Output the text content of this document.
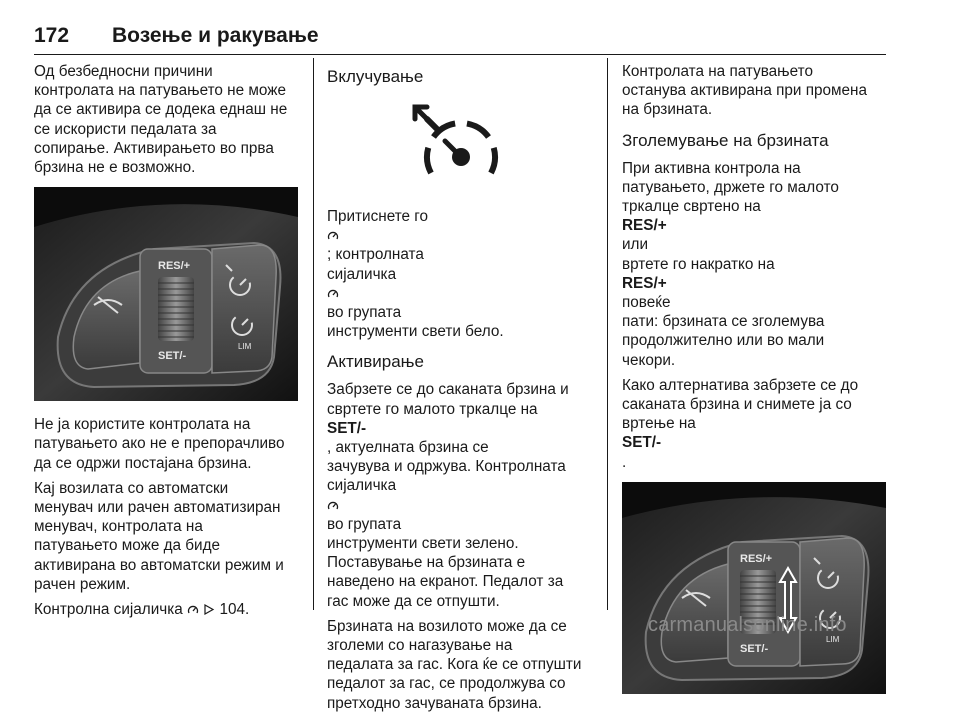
172 Возење и ракување

Од безбедносни причини
контролата на патувањето не може
да се активира се додека еднаш не
се искористи педалата за
сопирање. Активирањето во прва
брзина не е возможно.

RES/+
SET/-
LIM

Не ја користите контролата на
патувањето ако не е препорачливо
да се одржи постајана брзина.

Кај возилата со автоматски
менувач или рачен автоматизиран
менувач, контролата на
патувањето може да биде
активирана во автоматски режим и
рачен режим.

Контролна сијаличка   104.

Вклучување

Притиснете го
; контролната
сијаличка
во групата
инструменти свети бело.

Активирање

Забрзете се до саканата брзина и
свртете го малото тркалце на
SET/-
, актуелната брзина се
зачувува и одржува. Контролната
сијаличка
во групата
инструменти свети зелено.
Поставувањe на брзината е
наведено на екранот. Педалот за
гас може да се отпушти.

Брзината на возилото може да се
зголеми со нагазување на
педалата за гас. Кога ќе се отпушти
педалот за гас, се продолжува со
претходно зачуваната брзина.

Контролата на патувањето
останува активирана при промена
на брзината.

Зголемување на брзината

При активна контрола на
патувањето, држете го малото
тркалце свртено на
RES/+
или
вртете го накратко на
RES/+
повеќе
пати: брзината се зголемува
продолжително или во мали
чекори.

Како алтернатива забрзете се до
саканата брзина и снимете ја со
вртење на
SET/-
.

RES/+
SET/-
LIM
carmanualsonline.info
